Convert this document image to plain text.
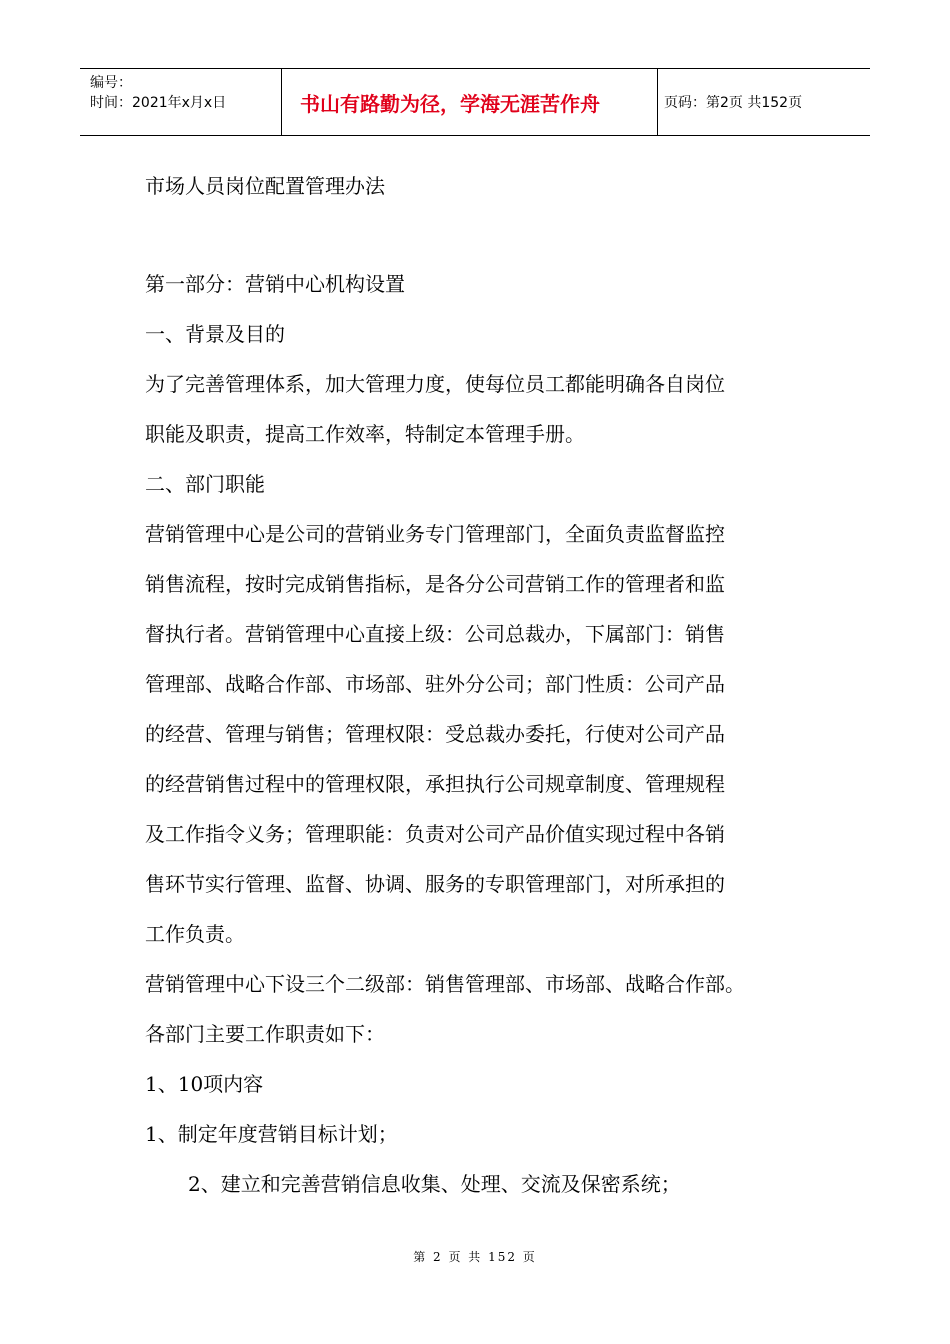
编号：
时间：2021年x月x日	书山有路勤为径，学海无涯苦作舟	页码：第2页 共152页
市场人员岗位配置管理办法
第一部分：营销中心机构设置
一、背景及目的
为了完善管理体系，加大管理力度，使每位员工都能明确各自岗位
职能及职责，提高工作效率，特制定本管理手册。
二、部门职能
营销管理中心是公司的营销业务专门管理部门，全面负责监督监控
销售流程，按时完成销售指标，是各分公司营销工作的管理者和监
督执行者。营销管理中心直接上级：公司总裁办，下属部门：销售
管理部、战略合作部、市场部、驻外分公司；部门性质：公司产品
的经营、管理与销售；管理权限：受总裁办委托，行使对公司产品
的经营销售过程中的管理权限，承担执行公司规章制度、管理规程
及工作指令义务；管理职能：负责对公司产品价值实现过程中各销
售环节实行管理、监督、协调、服务的专职管理部门，对所承担的
工作负责。
营销管理中心下设三个二级部：销售管理部、市场部、战略合作部。
各部门主要工作职责如下：
1、10项内容
1、制定年度营销目标计划；
2、建立和完善营销信息收集、处理、交流及保密系统；
第 2 页 共 152 页
